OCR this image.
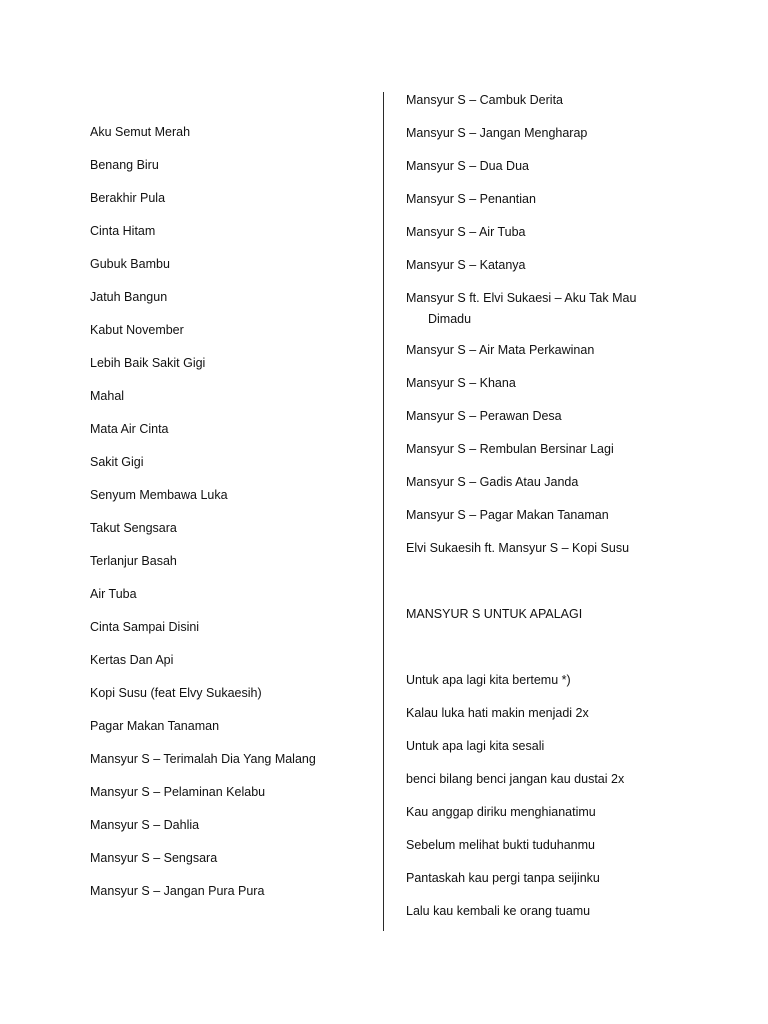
Aku Semut Merah
Benang Biru
Berakhir Pula
Cinta Hitam
Gubuk Bambu
Jatuh Bangun
Kabut November
Lebih Baik Sakit Gigi
Mahal
Mata Air Cinta
Sakit Gigi
Senyum Membawa Luka
Takut Sengsara
Terlanjur Basah
Air Tuba
Cinta Sampai Disini
Kertas Dan Api
Kopi Susu (feat Elvy Sukaesih)
Pagar Makan Tanaman
Mansyur S – Terimalah Dia Yang Malang
Mansyur S – Pelaminan Kelabu
Mansyur S – Dahlia
Mansyur S – Sengsara
Mansyur S – Jangan Pura Pura
Mansyur S – Cambuk Derita
Mansyur S – Jangan Mengharap
Mansyur S – Dua Dua
Mansyur S – Penantian
Mansyur S – Air Tuba
Mansyur S – Katanya
Mansyur S ft. Elvi Sukaesi – Aku Tak Mau
Dimadu
Mansyur S – Air Mata Perkawinan
Mansyur S – Khana
Mansyur S – Perawan Desa
Mansyur S – Rembulan Bersinar Lagi
Mansyur S – Gadis Atau Janda
Mansyur S – Pagar Makan Tanaman
Elvi Sukaesih ft. Mansyur S – Kopi Susu
MANSYUR S UNTUK APALAGI
Untuk apa lagi kita bertemu *)
Kalau luka hati makin menjadi 2x
Untuk apa lagi kita sesali
benci bilang benci jangan kau dustai 2x
Kau anggap diriku menghianatimu
Sebelum melihat bukti tuduhanmu
Pantaskah kau pergi tanpa seijinku
Lalu kau kembali ke orang tuamu
